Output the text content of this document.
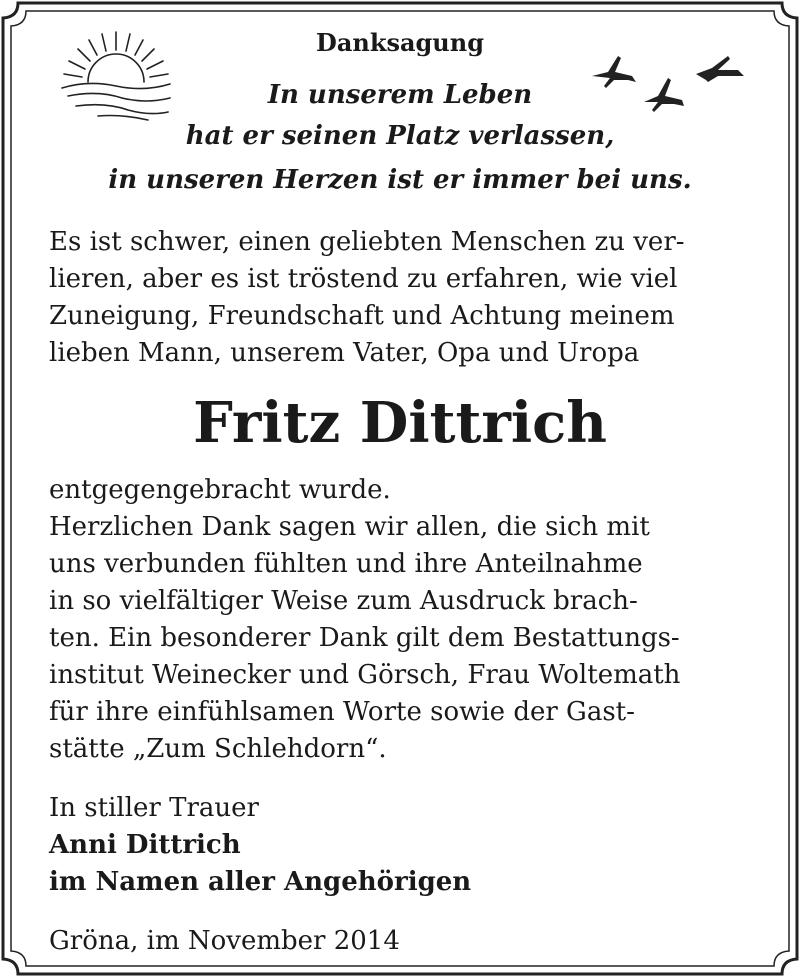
Danksagung
In unserem Leben
hat er seinen Platz verlassen,
in unseren Herzen ist er immer bei uns.
Es ist schwer, einen geliebten Menschen zu ver-
lieren, aber es ist tröstend zu erfahren, wie viel
Zuneigung, Freundschaft und Achtung meinem
lieben Mann, unserem Vater, Opa und Uropa
Fritz Dittrich
entgegengebracht wurde.
Herzlichen Dank sagen wir allen, die sich mit
uns verbunden fühlten und ihre Anteilnahme
in so vielfältiger Weise zum Ausdruck brach-
ten. Ein besonderer Dank gilt dem Bestattungs-
institut Weinecker und Görsch, Frau Woltemath
für ihre einfühlsamen Worte sowie der Gast-
stätte „Zum Schlehdorn“.
In stiller Trauer
Anni Dittrich
im Namen aller Angehörigen
Gröna, im November 2014
